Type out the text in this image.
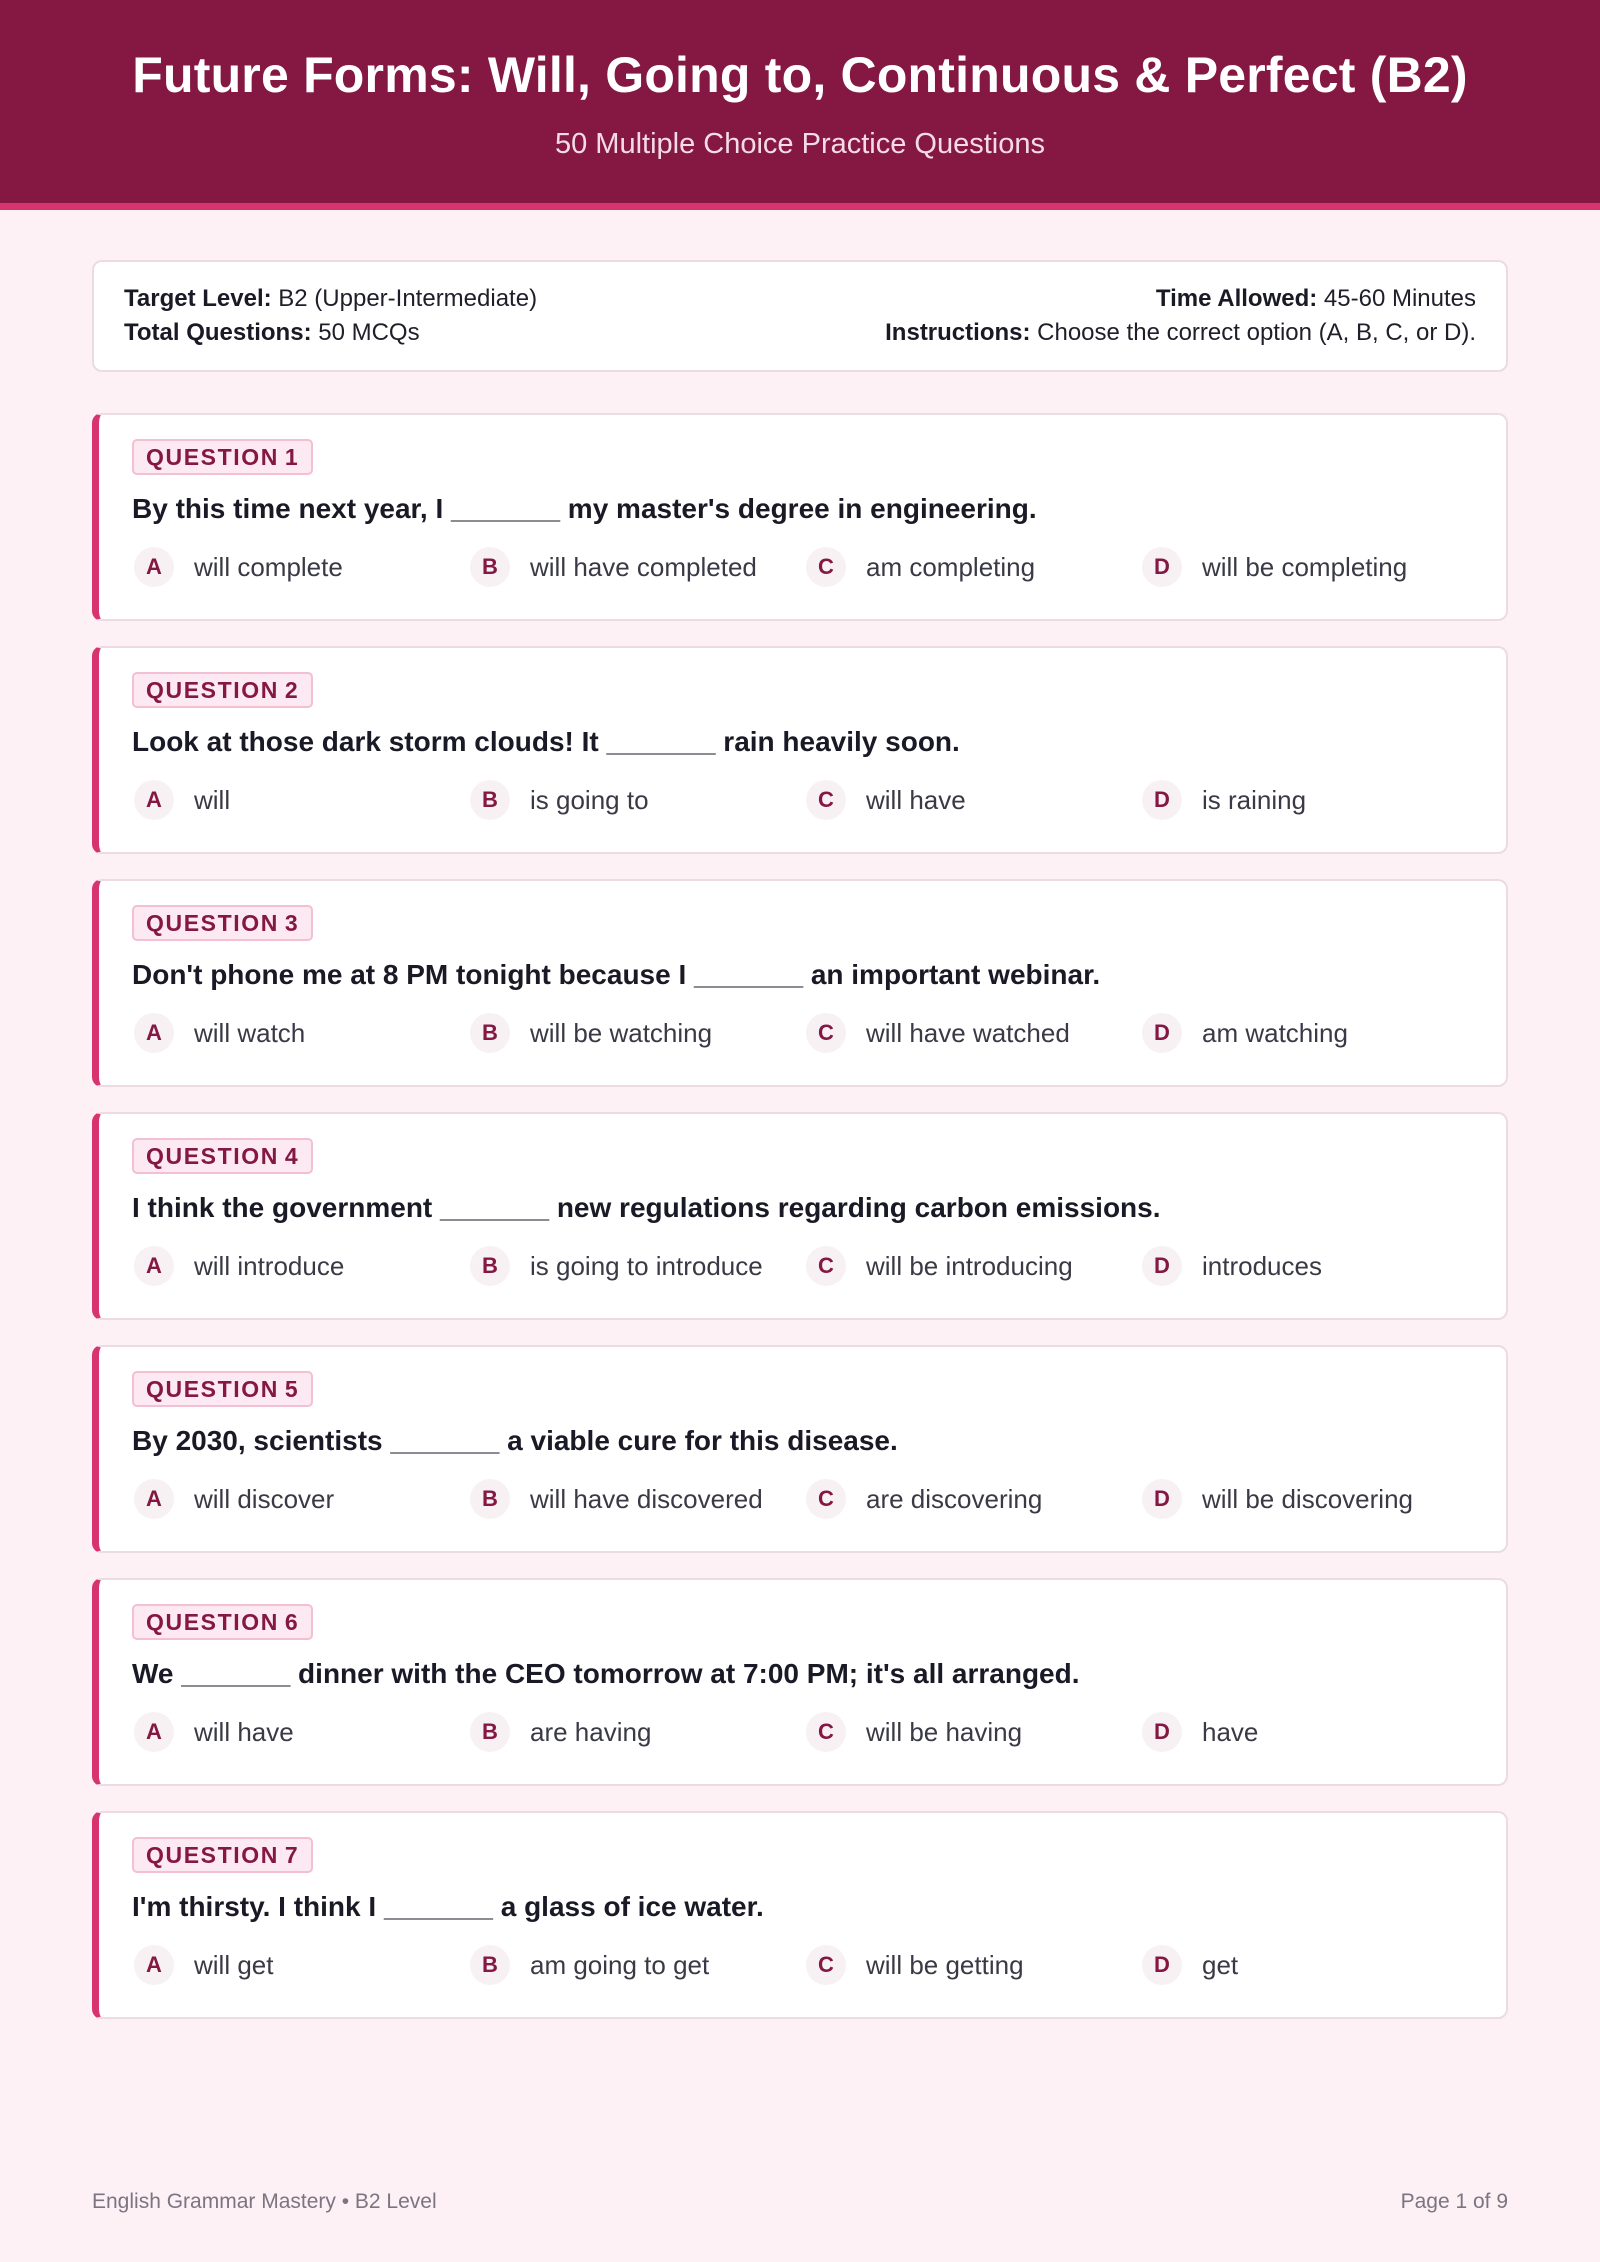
Future Forms: Will, Going to, Continuous & Perfect (B2)
50 Multiple Choice Practice Questions
Target Level: B2 (Upper-Intermediate)
Total Questions: 50 MCQs
Time Allowed: 45-60 Minutes
Instructions: Choose the correct option (A, B, C, or D).
QUESTION 1
By this time next year, I _______ my master's degree in engineering.
A	will complete	B	will have completed	C	am completing	D	will be completing
QUESTION 2
Look at those dark storm clouds! It _______ rain heavily soon.
A	will	B	is going to	C	will have	D	is raining
QUESTION 3
Don't phone me at 8 PM tonight because I _______ an important webinar.
A	will watch	B	will be watching	C	will have watched	D	am watching
QUESTION 4
I think the government _______ new regulations regarding carbon emissions.
A	will introduce	B	is going to introduce	C	will be introducing	D	introduces
QUESTION 5
By 2030, scientists _______ a viable cure for this disease.
A	will discover	B	will have discovered	C	are discovering	D	will be discovering
QUESTION 6
We _______ dinner with the CEO tomorrow at 7:00 PM; it's all arranged.
A	will have	B	are having	C	will be having	D	have
QUESTION 7
I'm thirsty. I think I _______ a glass of ice water.
A	will get	B	am going to get	C	will be getting	D	get
English Grammar Mastery • B2 Level	Page 1 of 9
